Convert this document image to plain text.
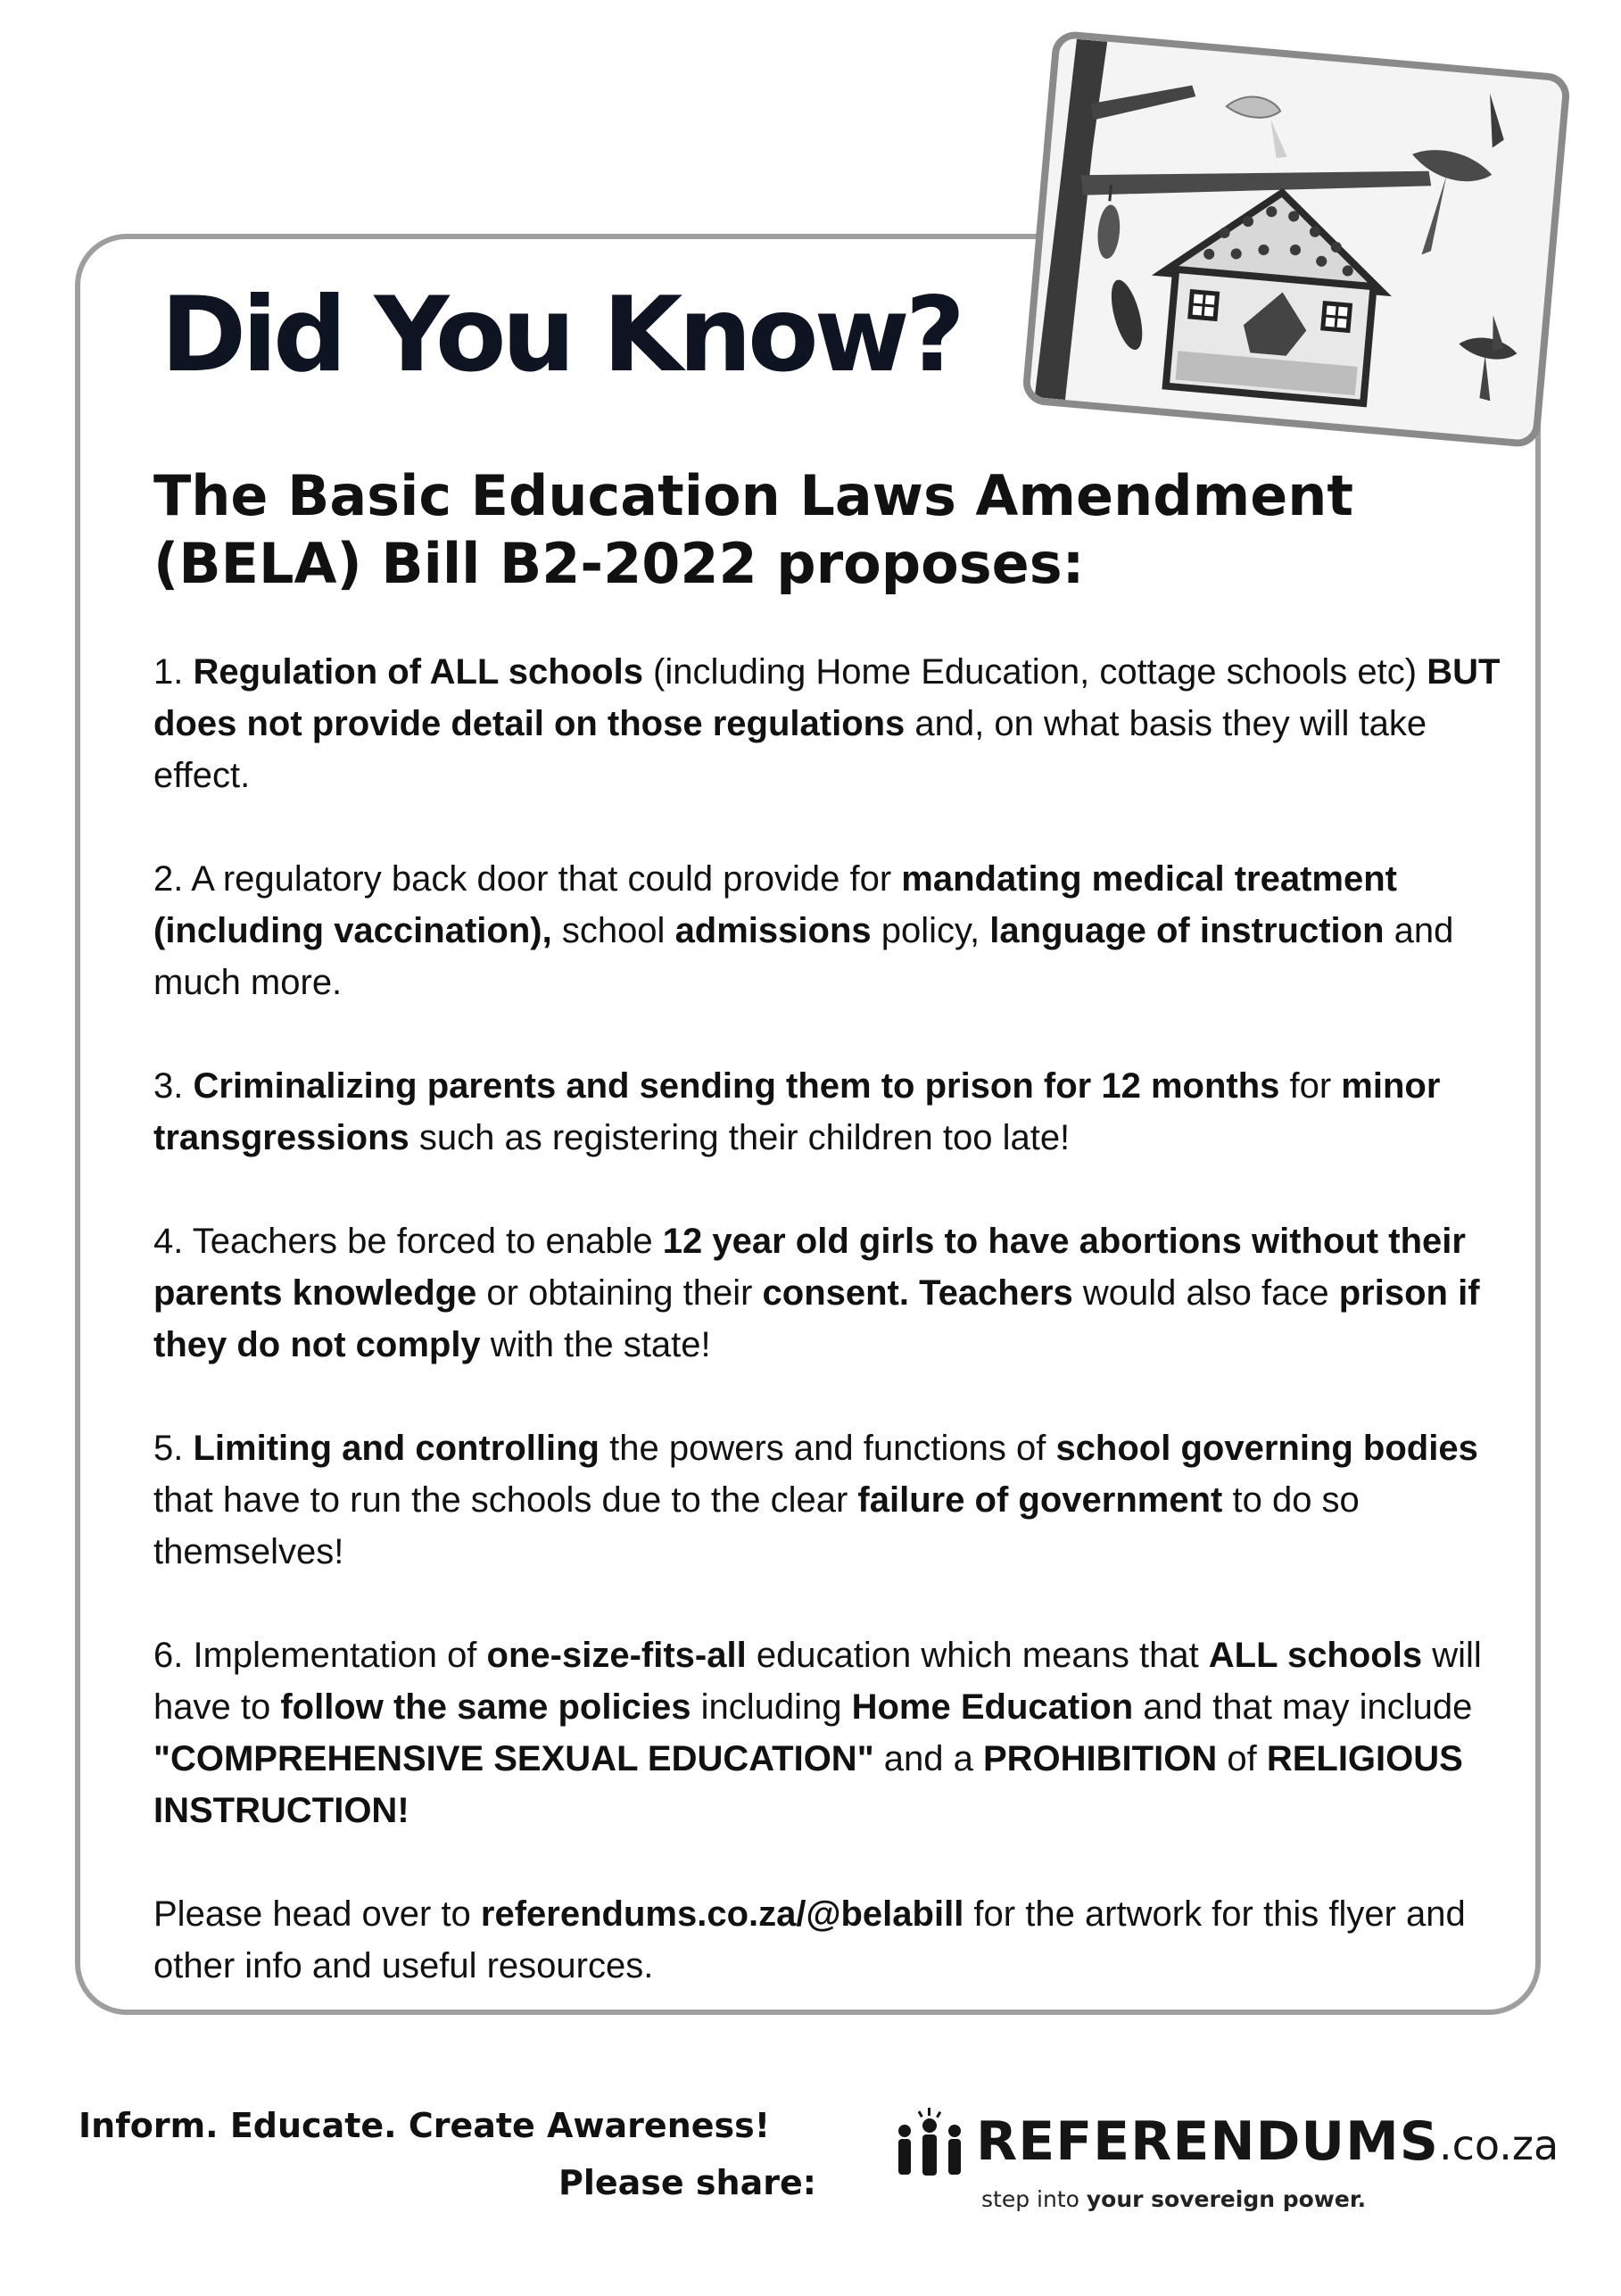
Did You Know?
The Basic Education Laws Amendment (BELA) Bill B2-2022 proposes:

1. Regulation of ALL schools (including Home Education, cottage schools etc) BUT does not provide detail on those regulations and, on what basis they will take effect.

2. A regulatory back door that could provide for mandating medical treatment (including vaccination), school admissions policy, language of instruction and much more.

3. Criminalizing parents and sending them to prison for 12 months for minor transgressions such as registering their children too late!

4. Teachers be forced to enable 12 year old girls to have abortions without their parents knowledge or obtaining their consent. Teachers would also face prison if they do not comply with the state!

5. Limiting and controlling the powers and functions of school governing bodies that have to run the schools due to the clear failure of government to do so themselves!

6. Implementation of one-size-fits-all education which means that ALL schools will have to follow the same policies including Home Education and that may include "COMPREHENSIVE SEXUAL EDUCATION" and a PROHIBITION of RELIGIOUS INSTRUCTION!

Please head over to referendums.co.za/@belabill for the artwork for this flyer and other info and useful resources.

Inform. Educate. Create Awareness!

Please share:

REFERENDUMS.co.za
step into your sovereign power.
